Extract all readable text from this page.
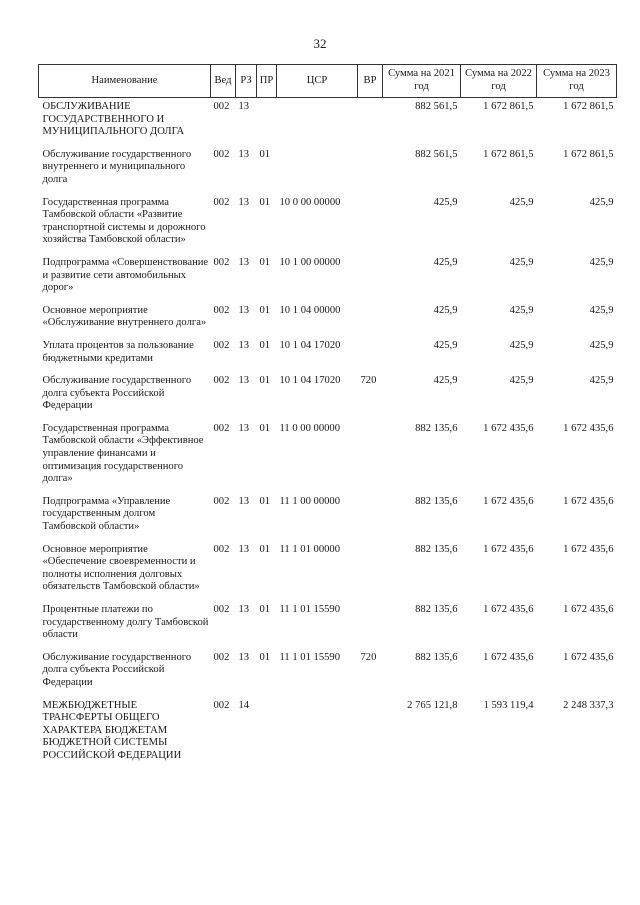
32
Наименование	Вед	РЗ	ПР	ЦСР	ВР	Сумма на 2021 год	Сумма на 2022 год	Сумма на 2023 год
ОБСЛУЖИВАНИЕ ГОСУДАРСТВЕННОГО И МУНИЦИПАЛЬНОГО ДОЛГА	002	13				882 561,5	1 672 861,5	1 672 861,5
Обслуживание государственного внутреннего и муниципального долга	002	13	01			882 561,5	1 672 861,5	1 672 861,5
Государственная программа Тамбовской области «Развитие транспортной системы и дорожного хозяйства Тамбовской области»	002	13	01	10 0 00 00000		425,9	425,9	425,9
Подпрограмма «Совершенствование и развитие сети автомобильных дорог»	002	13	01	10 1 00 00000		425,9	425,9	425,9
Основное мероприятие «Обслуживание внутреннего долга»	002	13	01	10 1 04 00000		425,9	425,9	425,9
Уплата процентов за пользование бюджетными кредитами	002	13	01	10 1 04 17020		425,9	425,9	425,9
Обслуживание государственного долга субъекта Российской Федерации	002	13	01	10 1 04 17020	720	425,9	425,9	425,9
Государственная программа Тамбовской области «Эффективное управление финансами и оптимизация государственного долга»	002	13	01	11 0 00 00000		882 135,6	1 672 435,6	1 672 435,6
Подпрограмма «Управление государственным долгом Тамбовской области»	002	13	01	11 1 00 00000		882 135,6	1 672 435,6	1 672 435,6
Основное мероприятие «Обеспечение своевременности и полноты исполнения долговых обязательств Тамбовской области»	002	13	01	11 1 01 00000		882 135,6	1 672 435,6	1 672 435,6
Процентные платежи по государственному долгу Тамбовской области	002	13	01	11 1 01 15590		882 135,6	1 672 435,6	1 672 435,6
Обслуживание государственного долга субъекта Российской Федерации	002	13	01	11 1 01 15590	720	882 135,6	1 672 435,6	1 672 435,6
МЕЖБЮДЖЕТНЫЕ ТРАНСФЕРТЫ ОБЩЕГО ХАРАКТЕРА БЮДЖЕТАМ БЮДЖЕТНОЙ СИСТЕМЫ РОССИЙСКОЙ ФЕДЕРАЦИИ	002	14				2 765 121,8	1 593 119,4	2 248 337,3
